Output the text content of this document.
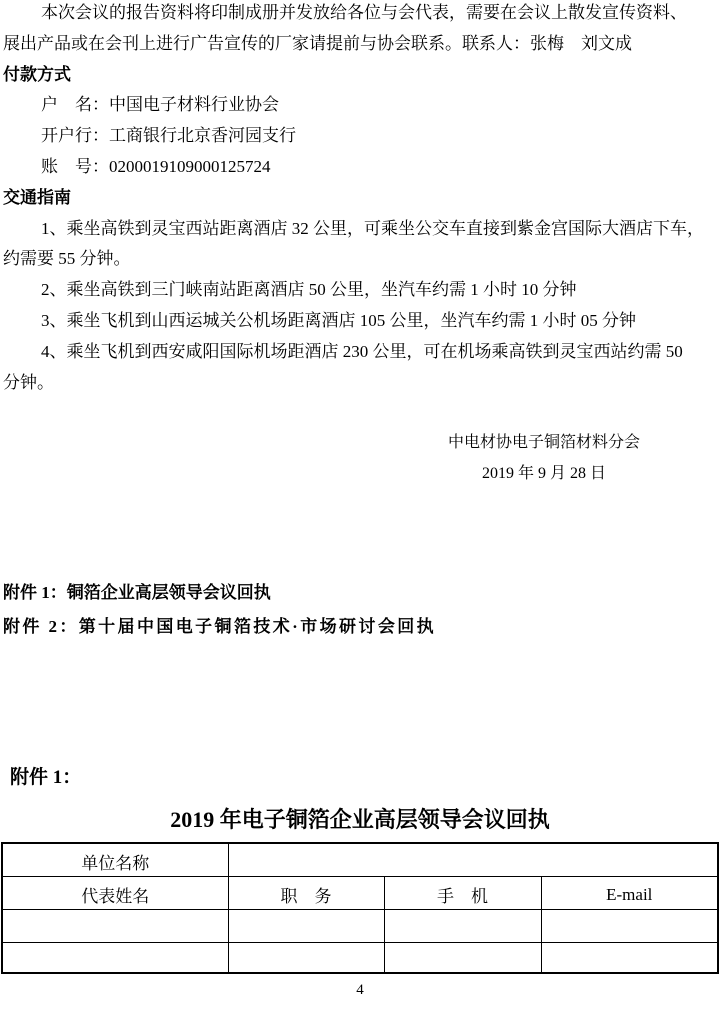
本次会议的报告资料将印制成册并发放给各位与会代表，需要在会议上散发宣传资料、
展出产品或在会刊上进行广告宣传的厂家请提前与协会联系。联系人：张梅　刘文成
付款方式
户　名：中国电子材料行业协会
开户行：工商银行北京香河园支行
账　号：0200019109000125724
交通指南
1、乘坐高铁到灵宝西站距离酒店 32 公里，可乘坐公交车直接到紫金宫国际大酒店下车，
约需要 55 分钟。
2、乘坐高铁到三门峡南站距离酒店 50 公里，坐汽车约需 1 小时 10 分钟
3、乘坐飞机到山西运城关公机场距离酒店 105 公里，坐汽车约需 1 小时 05 分钟
4、乘坐飞机到西安咸阳国际机场距酒店 230 公里，可在机场乘高铁到灵宝西站约需 50
分钟。
中电材协电子铜箔材料分会
2019 年 9 月 28 日
附件 1：铜箔企业高层领导会议回执
附件 2：第十届中国电子铜箔技术·市场研讨会回执
附件 1：
2019 年电子铜箔企业高层领导会议回执
单位名称			
代表姓名	职　务	手　机	E-mail

4
